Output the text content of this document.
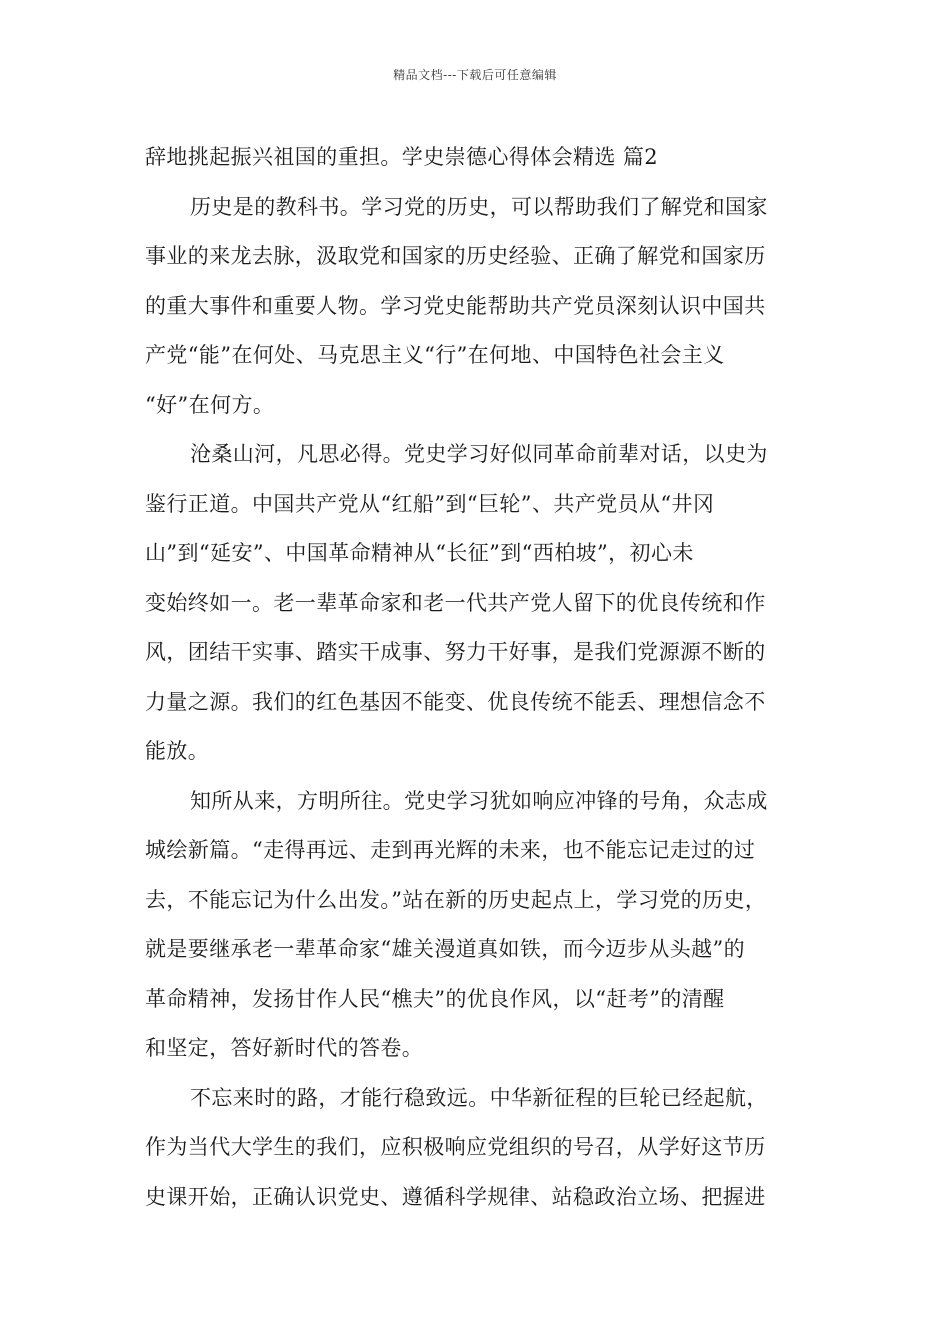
精品文档---下载后可任意编辑
辞地挑起振兴祖国的重担。学史崇德心得体会精选 篇2
历史是的教科书。学习党的历史，可以帮助我们了解党和国家
事业的来龙去脉，汲取党和国家的历史经验、正确了解党和国家历
的重大事件和重要人物。学习党史能帮助共产党员深刻认识中国共
产党“能”在何处、马克思主义“行”在何地、中国特色社会主义
“好”在何方。
沧桑山河，凡思必得。党史学习好似同革命前辈对话，以史为
鉴行正道。中国共产党从“红船”到“巨轮”、共产党员从“井冈
山”到“延安”、中国革命精神从“长征”到“西柏坡”，初心未
变始终如一。老一辈革命家和老一代共产党人留下的优良传统和作
风，团结干实事、踏实干成事、努力干好事，是我们党源源不断的
力量之源。我们的红色基因不能变、优良传统不能丢、理想信念不
能放。
知所从来，方明所往。党史学习犹如响应冲锋的号角，众志成
城绘新篇。“走得再远、走到再光辉的未来，也不能忘记走过的过
去，不能忘记为什么出发。”站在新的历史起点上，学习党的历史，
就是要继承老一辈革命家“雄关漫道真如铁，而今迈步从头越”的
革命精神，发扬甘作人民“樵夫”的优良作风，以“赶考”的清醒
和坚定，答好新时代的答卷。
不忘来时的路，才能行稳致远。中华新征程的巨轮已经起航，
作为当代大学生的我们，应积极响应党组织的号召，从学好这节历
史课开始，正确认识党史、遵循科学规律、站稳政治立场、把握进
